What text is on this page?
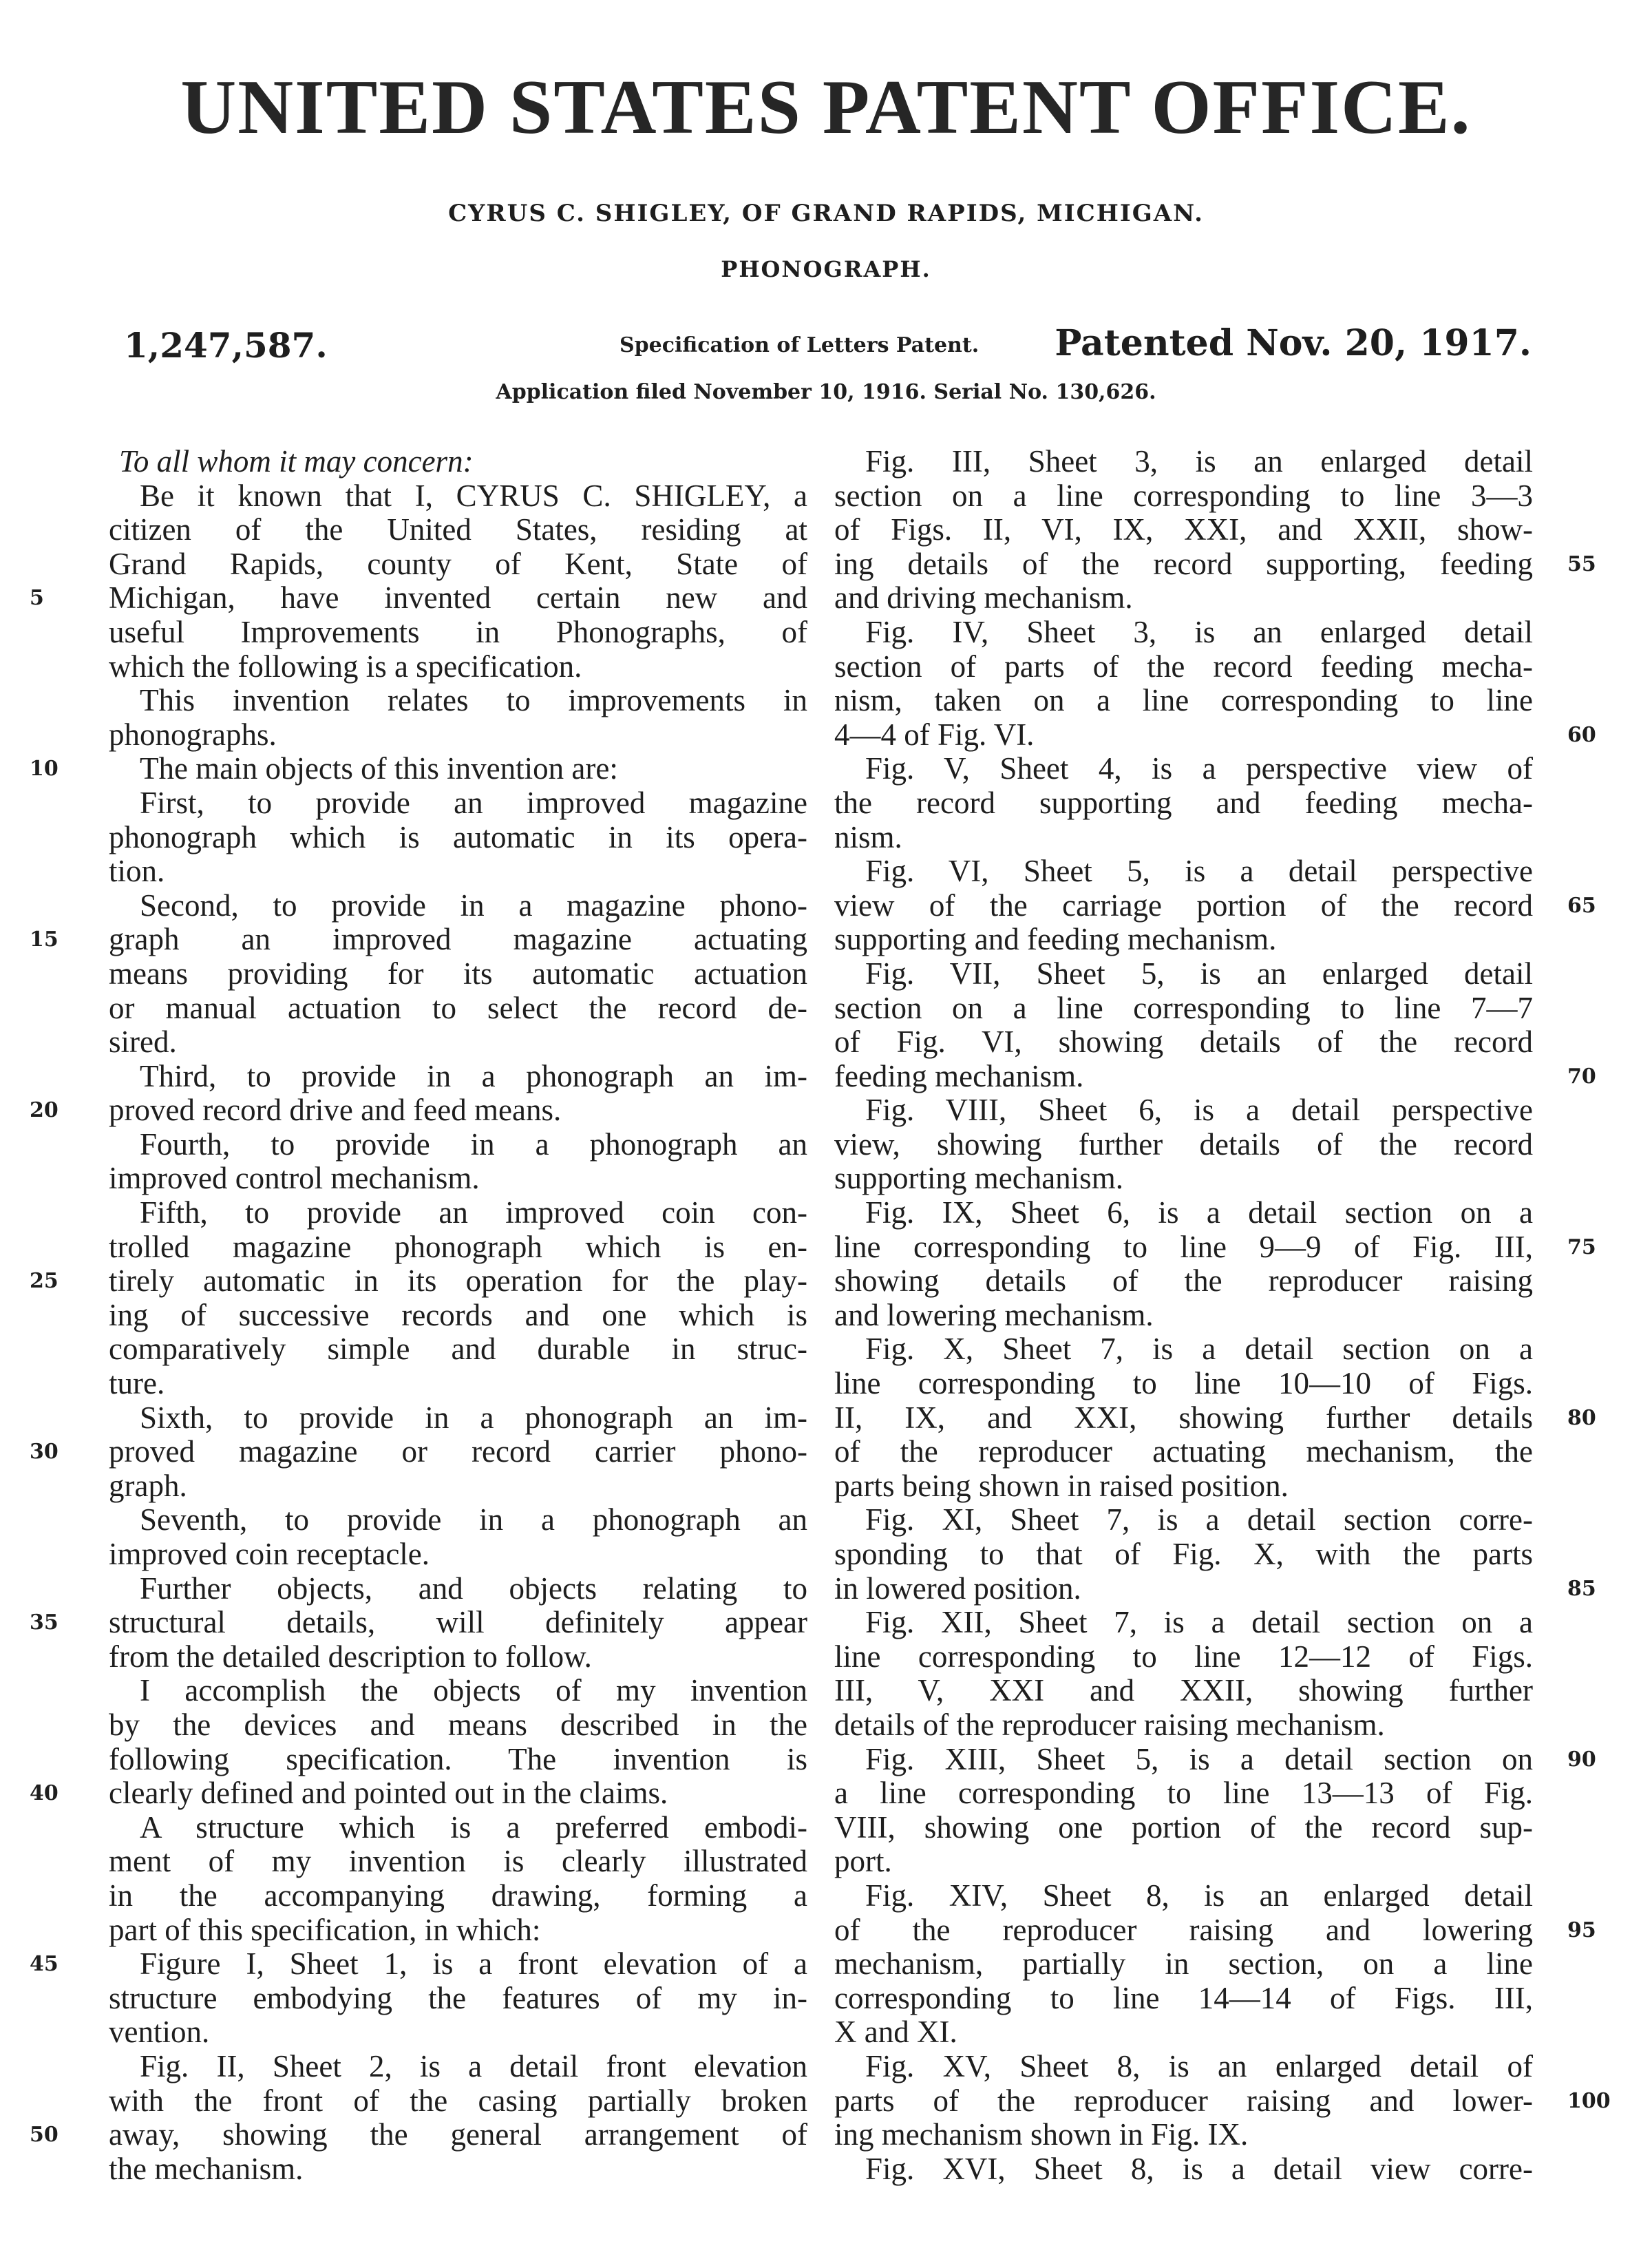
UNITED STATES PATENT OFFICE.
CYRUS C. SHIGLEY, OF GRAND RAPIDS, MICHIGAN.
PHONOGRAPH.
1,247,587.	Specification of Letters Patent. Patented Nov. 20, 1917.
Application filed November 10, 1916. Serial No. 130,626.
To all whom it may concern:
Be it known that I, CYRUS C. SHIGLEY, a
citizen of the United States, residing at
Grand Rapids, county of Kent, State of
Michigan, have invented certain new and
5
useful Improvements in Phonographs, of
which the following is a specification.
This invention relates to improvements in
phonographs.
The main objects of this invention are:
10
First, to provide an improved magazine
phonograph which is automatic in its opera-
tion.
Second, to provide in a magazine phono-
graph an improved magazine actuating
15
means providing for its automatic actuation
or manual actuation to select the record de-
sired.
Third, to provide in a phonograph an im-
proved record drive and feed means.
20
Fourth, to provide in a phonograph an
improved control mechanism.
Fifth, to provide an improved coin con-
trolled magazine phonograph which is en-
tirely automatic in its operation for the play-
25
ing of successive records and one which is
comparatively simple and durable in struc-
ture.
Sixth, to provide in a phonograph an im-
proved magazine or record carrier phono-
30
graph.
Seventh, to provide in a phonograph an
improved coin receptacle.
Further objects, and objects relating to
structural details, will definitely appear
35
from the detailed description to follow.
I accomplish the objects of my invention
by the devices and means described in the
following specification. The invention is
clearly defined and pointed out in the claims.
40
A structure which is a preferred embodi-
ment of my invention is clearly illustrated
in the accompanying drawing, forming a
part of this specification, in which:
Figure I, Sheet 1, is a front elevation of a
45
structure embodying the features of my in-
vention.
Fig. II, Sheet 2, is a detail front elevation
with the front of the casing partially broken
away, showing the general arrangement of
50
the mechanism.
Fig. III, Sheet 3, is an enlarged detail
section on a line corresponding to line 3—3
of Figs. II, VI, IX, XXI, and XXII, show-
ing details of the record supporting, feeding 55
and driving mechanism.
Fig. IV, Sheet 3, is an enlarged detail
section of parts of the record feeding mecha-
nism, taken on a line corresponding to line
4—4 of Fig. VI.	60
Fig. V, Sheet 4, is a perspective view of
the record supporting and feeding mecha-
nism.
Fig. VI, Sheet 5, is a detail perspective
view of the carriage portion of the record 65
supporting and feeding mechanism.
Fig. VII, Sheet 5, is an enlarged detail
section on a line corresponding to line 7—7
of Fig. VI, showing details of the record
feeding mechanism.	70
Fig. VIII, Sheet 6, is a detail perspective
view, showing further details of the record
supporting mechanism.
Fig. IX, Sheet 6, is a detail section on a
line corresponding to line 9—9 of Fig. III, 75
showing details of the reproducer raising
and lowering mechanism.
Fig. X, Sheet 7, is a detail section on a
line corresponding to line 10—10 of Figs.
II, IX, and XXI, showing further details 80
of the reproducer actuating mechanism, the
parts being shown in raised position.
Fig. XI, Sheet 7, is a detail section corre-
sponding to that of Fig. X, with the parts
in lowered position.	85
Fig. XII, Sheet 7, is a detail section on a
line corresponding to line 12—12 of Figs.
III, V, XXI and XXII, showing further
details of the reproducer raising mechanism.
Fig. XIII, Sheet 5, is a detail section on 90
a line corresponding to line 13—13 of Fig.
VIII, showing one portion of the record sup-
port.
Fig. XIV, Sheet 8, is an enlarged detail
of the reproducer raising and lowering 95
mechanism, partially in section, on a line
corresponding to line 14—14 of Figs. III,
X and XI.
Fig. XV, Sheet 8, is an enlarged detail of
parts of the reproducer raising and lower- 100
ing mechanism shown in Fig. IX.
Fig. XVI, Sheet 8, is a detail view corre-
